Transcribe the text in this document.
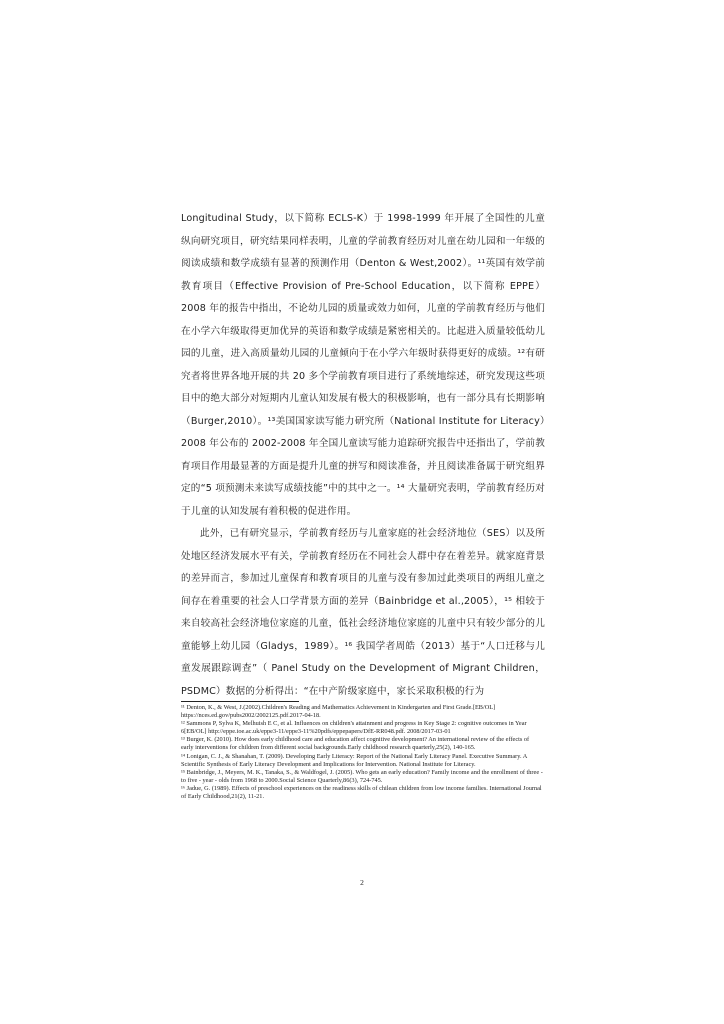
Longitudinal Study，以下简称 ECLS-K）于 1998-1999 年开展了全国性的儿童纵向研究项目，研究结果同样表明，儿童的学前教育经历对儿童在幼儿园和一年级的阅读成绩和数学成绩有显著的预测作用（Denton & West,2002）。¹¹英国有效学前教育项目（Effective Provision of Pre-School Education，以下简称 EPPE）2008 年的报告中指出，不论幼儿园的质量或效力如何，儿童的学前教育经历与他们在小学六年级取得更加优异的英语和数学成绩是紧密相关的。比起进入质量较低幼儿园的儿童，进入高质量幼儿园的儿童倾向于在小学六年级时获得更好的成绩。¹²有研究者将世界各地开展的共 20 多个学前教育项目进行了系统地综述，研究发现这些项目中的绝大部分对短期内儿童认知发展有极大的积极影响，也有一部分具有长期影响（Burger,2010）。¹³美国国家读写能力研究所（National Institute for Literacy）2008 年公布的 2002-2008 年全国儿童读写能力追踪研究报告中还指出了，学前教育项目作用最显著的方面是提升儿童的拼写和阅读准备，并且阅读准备属于研究组界定的“5 项预测未来读写成绩技能”中的其中之一。¹⁴ 大量研究表明，学前教育经历对于儿童的认知发展有着积极的促进作用。

此外，已有研究显示，学前教育经历与儿童家庭的社会经济地位（SES）以及所处地区经济发展水平有关，学前教育经历在不同社会人群中存在着差异。就家庭背景的差异而言，参加过儿童保育和教育项目的儿童与没有参加过此类项目的两组儿童之间存在着重要的社会人口学背景方面的差异（Bainbridge et al.,2005），¹⁵ 相较于来自较高社会经济地位家庭的儿童，低社会经济地位家庭的儿童中只有较少部分的儿童能够上幼儿园（Gladys，1989）。¹⁶ 我国学者周皓（2013）基于“人口迁移与儿童发展跟踪调查”（ Panel Study on the Development of Migrant Children，PSDMC）数据的分析得出：“在中产阶级家庭中，家长采取积极的行为

¹¹ Denton, K., & West, J.(2002).Children's Reading and Mathematics Achievement in Kindergarten and First Grade.[EB/OL] https://nces.ed.gov/pubs2002/2002125.pdf.2017-04-18.

¹² Sammons P, Sylva K, Melhuish E C, et al. Influences on children's attainment and progress in Key Stage 2: cognitive outcomes in Year 6[EB/OL] http://eppe.ioe.ac.uk/eppe3-11/eppe3-11%20pdfs/eppepapers/DfE-RR048.pdf. 2008/2017-03-01

¹³ Burger, K. (2010). How does early childhood care and education affect cognitive development? An international review of the effects of early interventions for children from different social backgrounds.Early childhood research quarterly,25(2), 140-165.

¹⁴ Lonigan, C. J., & Shanahan, T. (2009). Developing Early Literacy: Report of the National Early Literacy Panel. Executive Summary. A Scientific Synthesis of Early Literacy Development and Implications for Intervention. National Institute for Literacy.

¹⁵ Bainbridge, J., Meyers, M. K., Tanaka, S., & Waldfogel, J. (2005). Who gets an early education? Family income and the enrollment of three - to five - year - olds from 1968 to 2000.Social Science Quarterly,86(3), 724-745.

¹⁶ Jadue, G. (1989). Effects of preschool experiences on the readiness skills of chilean children from low income families. International Journal of Early Childhood,21(2), 11-21.

2
